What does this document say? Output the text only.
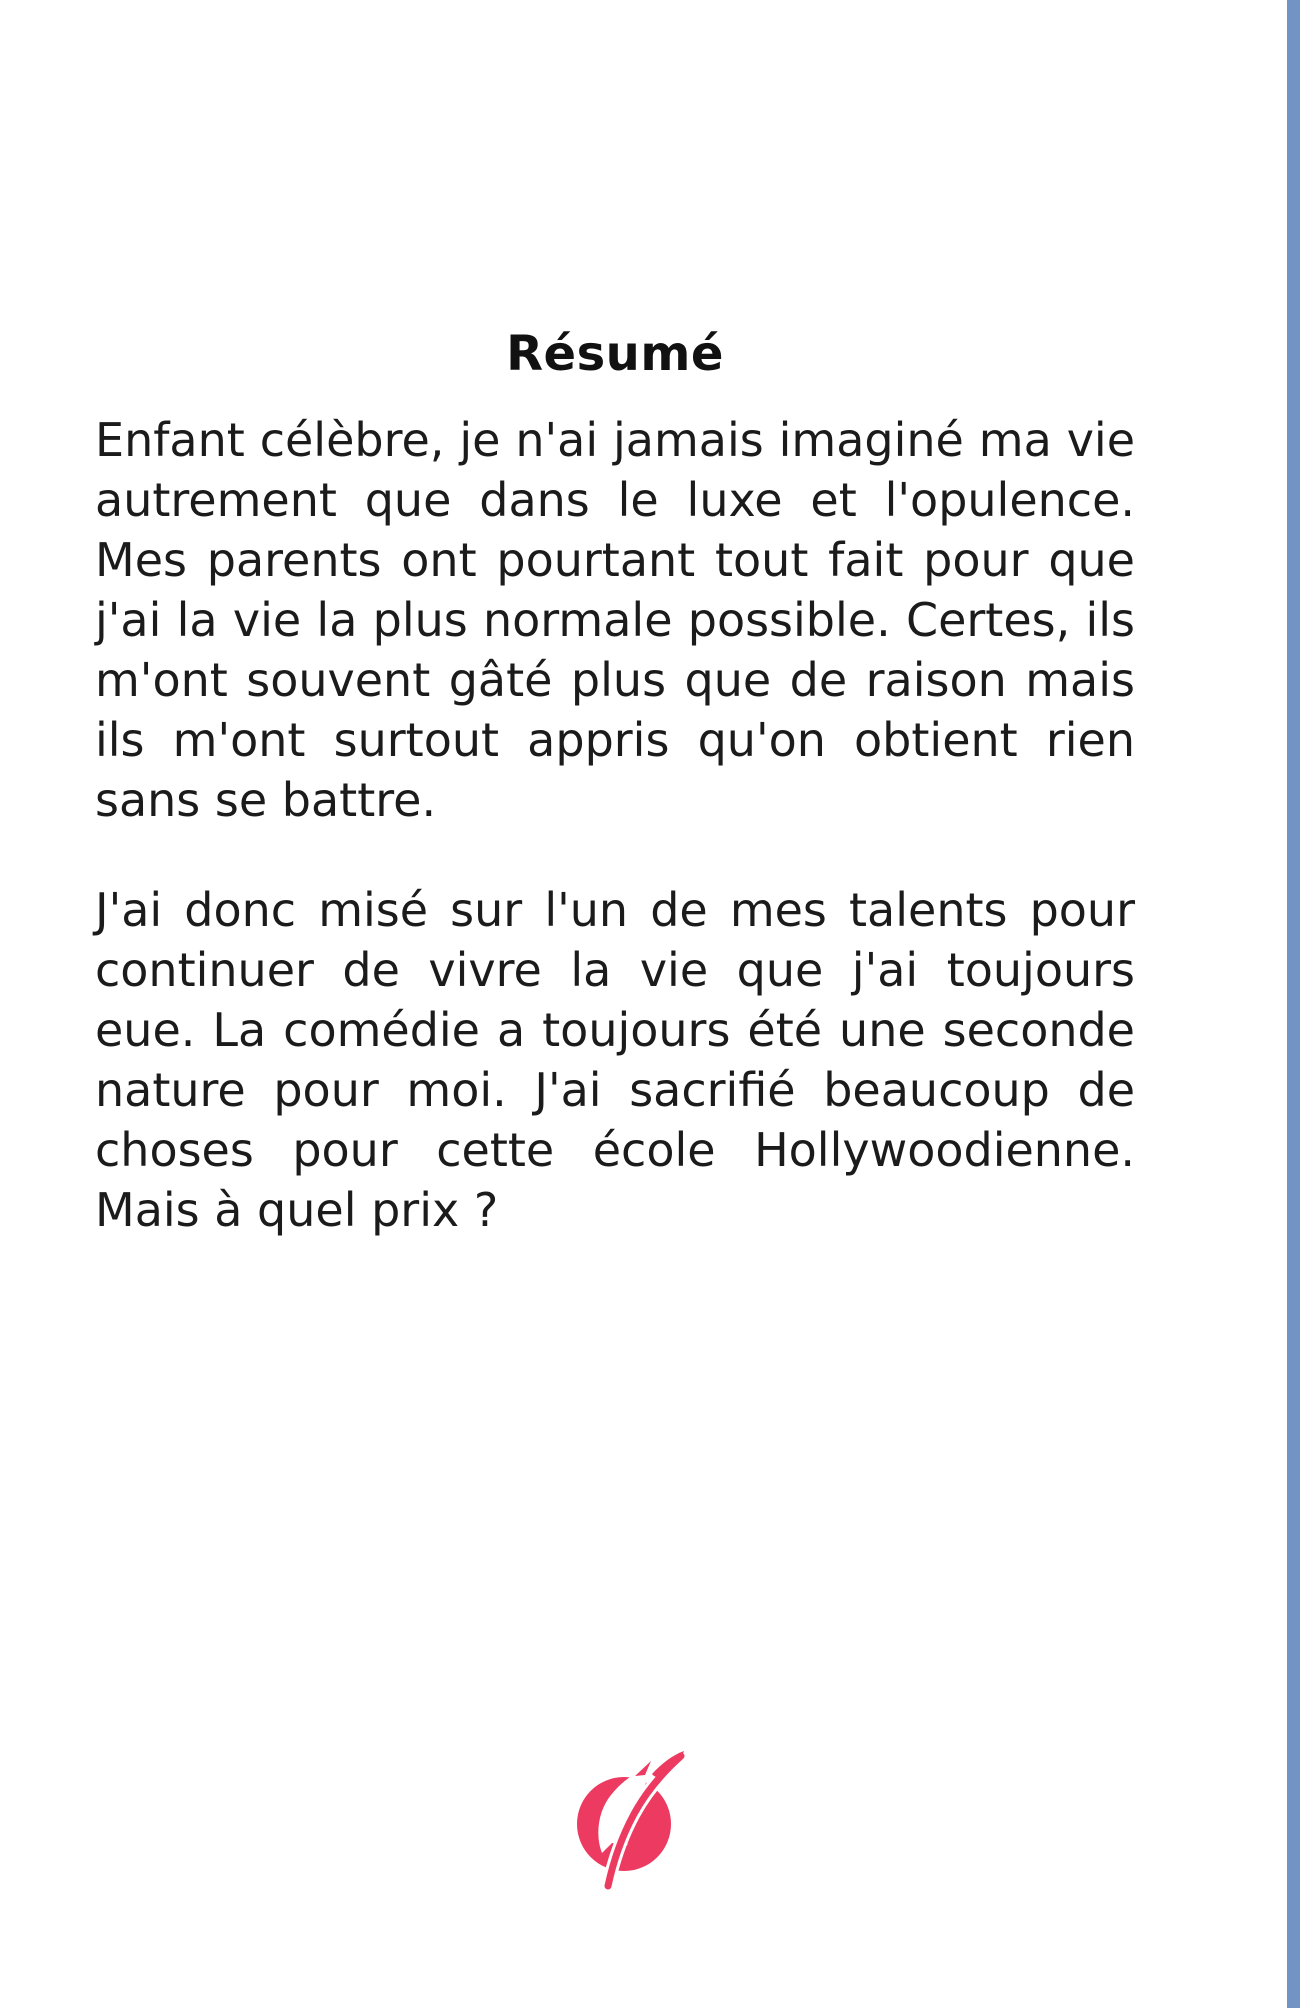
Résumé

Enfant célèbre, je n'ai jamais imaginé ma vie autrement que dans le luxe et l'opulence. Mes parents ont pourtant tout fait pour que j'ai la vie la plus normale possible. Certes, ils m'ont souvent gâté plus que de raison mais ils m'ont surtout appris qu'on obtient rien sans se battre.

J'ai donc misé sur l'un de mes talents pour continuer de vivre la vie que j'ai toujours eue. La comédie a toujours été une seconde nature pour moi. J'ai sacrifié beaucoup de choses pour cette école Hollywoodienne. Mais à quel prix ?
